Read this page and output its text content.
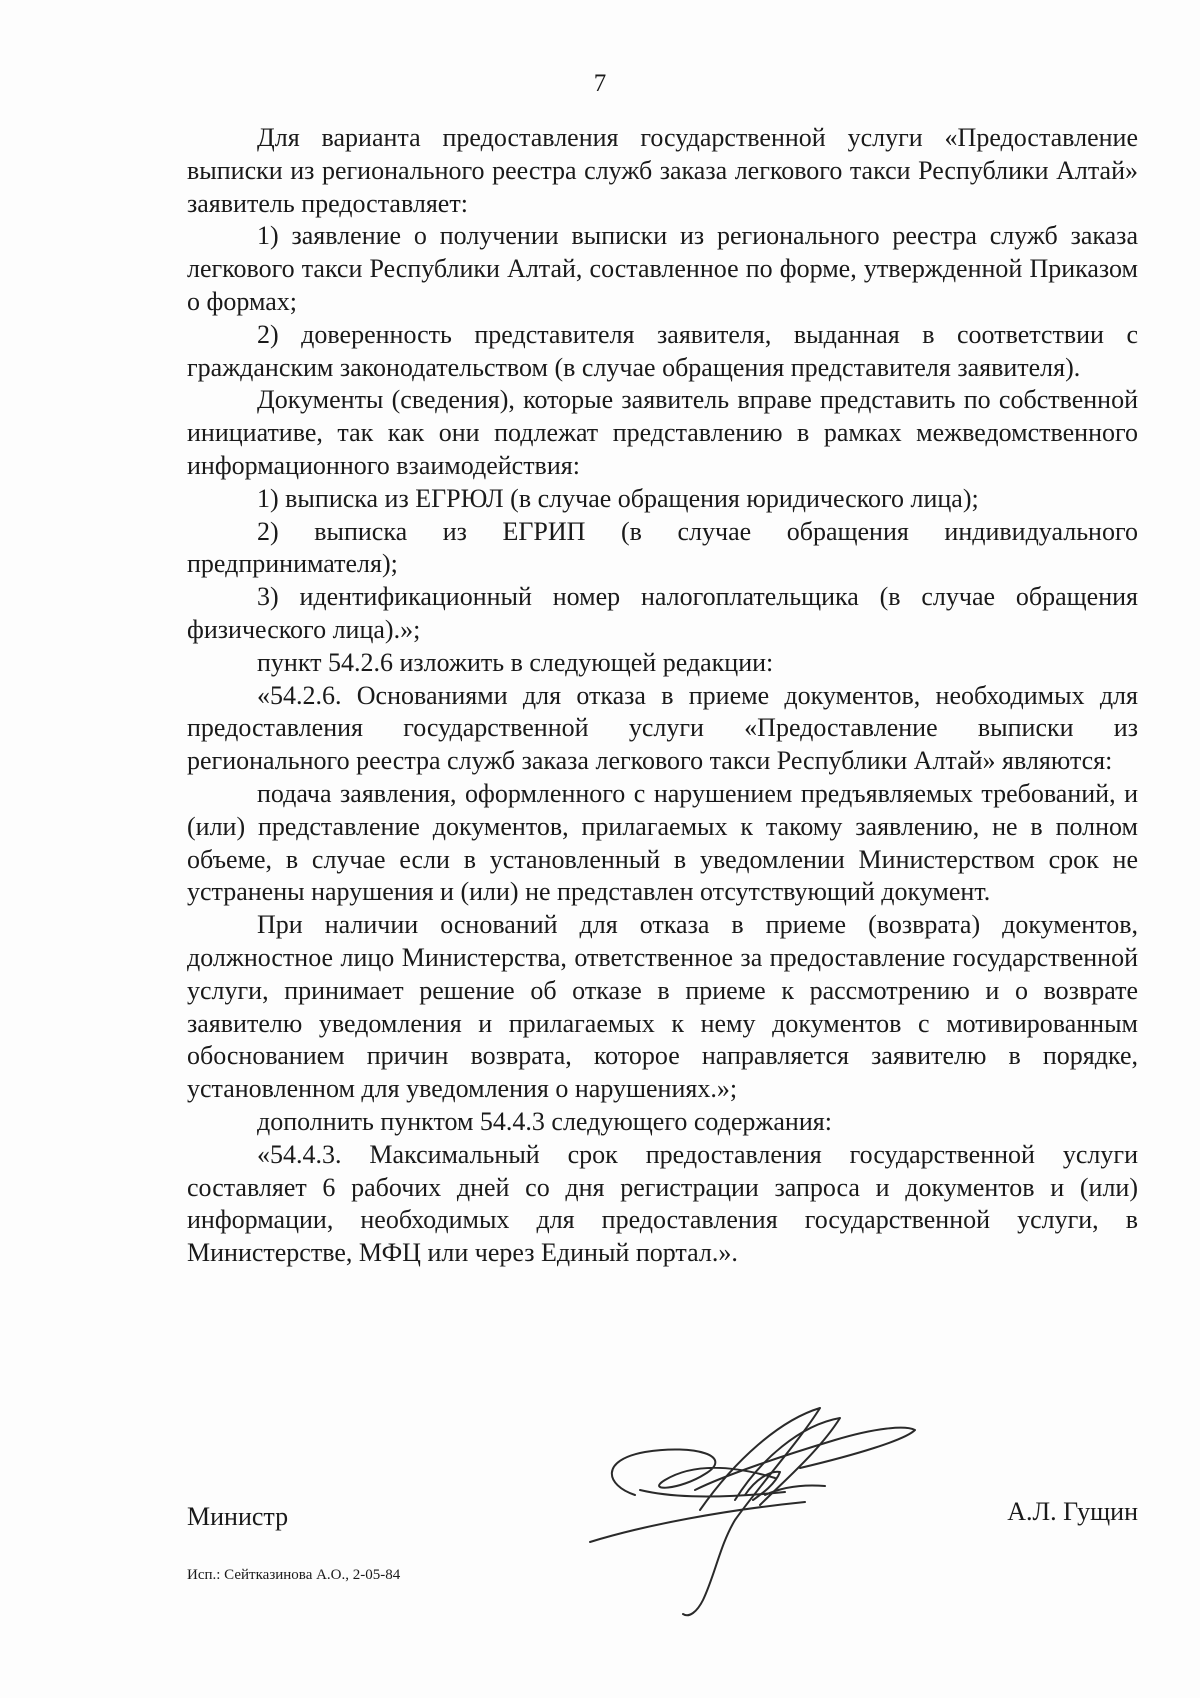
7

Для варианта предоставления государственной услуги «Предоставление выписки из регионального реестра служб заказа легкового такси Республики Алтай» заявитель предоставляет:

1) заявление о получении выписки из регионального реестра служб заказа легкового такси Республики Алтай, составленное по форме, утвержденной Приказом о формах;

2) доверенность представителя заявителя, выданная в соответствии с гражданским законодательством (в случае обращения представителя заявителя).

Документы (сведения), которые заявитель вправе представить по собственной инициативе, так как они подлежат представлению в рамках межведомственного информационного взаимодействия:

1) выписка из ЕГРЮЛ (в случае обращения юридического лица);

2) выписка из ЕГРИП (в случае обращения индивидуального предпринимателя);

3) идентификационный номер налогоплательщика (в случае обращения физического лица).»;

пункт 54.2.6 изложить в следующей редакции:

«54.2.6. Основаниями для отказа в приеме документов, необходимых для предоставления государственной услуги «Предоставление выписки из регионального реестра служб заказа легкового такси Республики Алтай» являются:

подача заявления, оформленного с нарушением предъявляемых требований, и (или) представление документов, прилагаемых к такому заявлению, не в полном объеме, в случае если в установленный в уведомлении Министерством срок не устранены нарушения и (или) не представлен отсутствующий документ.

При наличии оснований для отказа в приеме (возврата) документов, должностное лицо Министерства, ответственное за предоставление государственной услуги, принимает решение об отказе в приеме к рассмотрению и о возврате заявителю уведомления и прилагаемых к нему документов с мотивированным обоснованием причин возврата, которое направляется заявителю в порядке, установленном для уведомления о нарушениях.»;

дополнить пунктом 54.4.3 следующего содержания:

«54.4.3. Максимальный срок предоставления государственной услуги составляет 6 рабочих дней со дня регистрации запроса и документов и (или) информации, необходимых для предоставления государственной услуги, в Министерстве, МФЦ или через Единый портал.».

Министр	А.Л. Гущин
Исп.: Сейтказинова А.О., 2-05-84
